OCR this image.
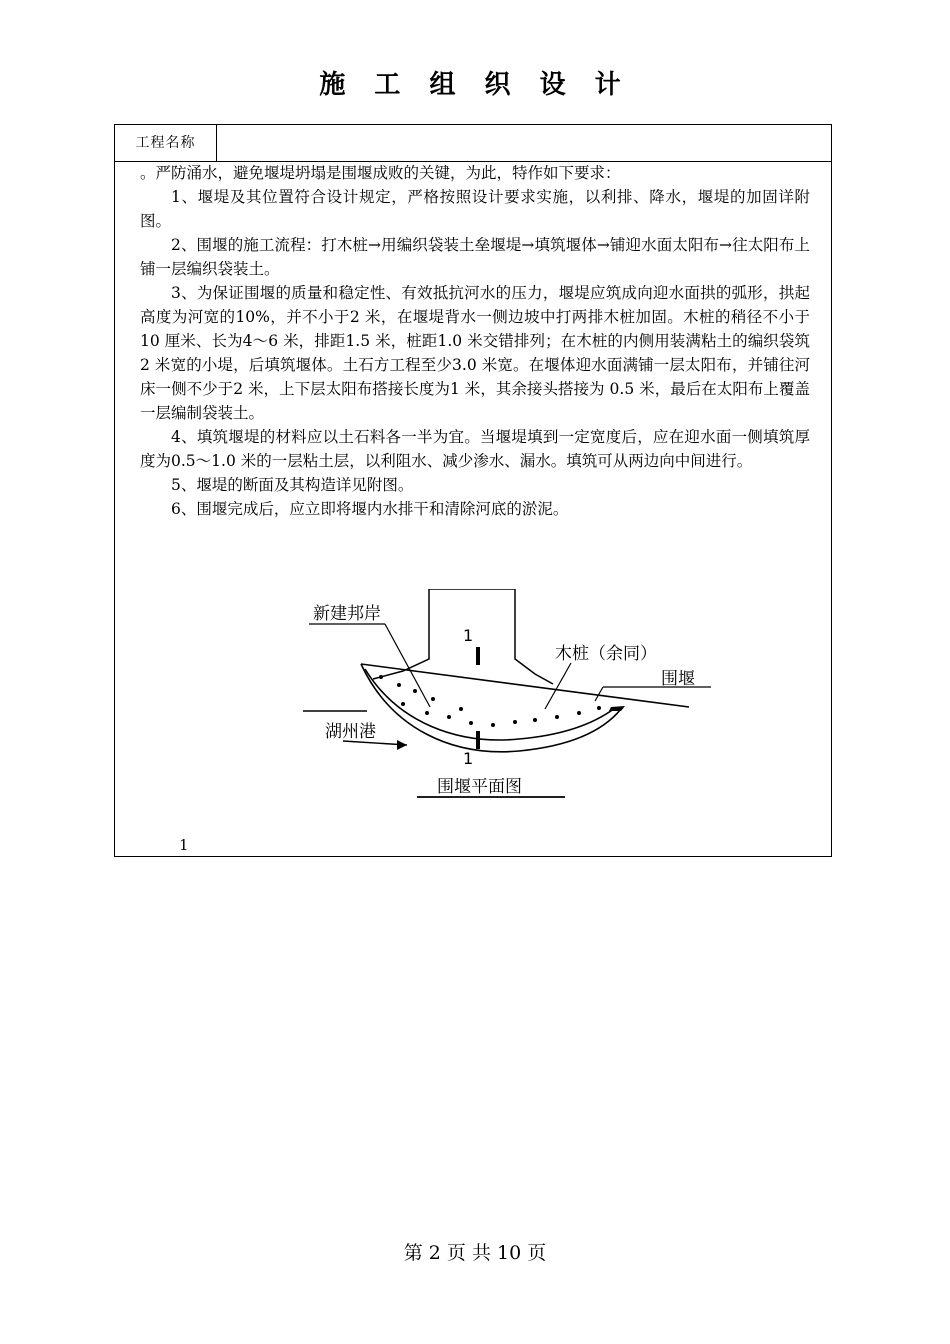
施 工 组 织 设 计
工程名称

。严防涌水，避免堰堤坍塌是围堰成败的关键，为此，特作如下要求：

1、堰堤及其位置符合设计规定，严格按照设计要求实施，以利排、降水，堰堤的加固详附图。

2、围堰的施工流程：打木桩→用编织袋装土垒堰堤→填筑堰体→铺迎水面太阳布→往太阳布上铺一层编织袋装土。

3、为保证围堰的质量和稳定性、有效抵抗河水的压力，堰堤应筑成向迎水面拱的弧形，拱起高度为河宽的10%，并不小于2 米，在堰堤背水一侧边坡中打两排木桩加固。木桩的稍径不小于 10 厘米、长为4～6 米，排距1.5 米，桩距1.0 米交错排列；在木桩的内侧用装满粘土的编织袋筑2 米宽的小堤，后填筑堰体。土石方工程至少3.0 米宽。在堰体迎水面满铺一层太阳布，并铺往河床一侧不少于2 米，上下层太阳布搭接长度为1 米，其余接头搭接为 0.5 米，最后在太阳布上覆盖一层编制袋装土。

4、填筑堰堤的材料应以土石料各一半为宜。当堰堤填到一定宽度后，应在迎水面一侧填筑厚度为0.5～1.0 米的一层粘土层，以利阻水、减少渗水、漏水。填筑可从两边向中间进行。

5、堰堤的断面及其构造详见附图。

6、围堰完成后，应立即将堰内水排干和清除河底的淤泥。

新建邦岸
1
木桩（余同）
围堰
湖州港
1
围堰平面图
1
第 2 页 共 10 页
